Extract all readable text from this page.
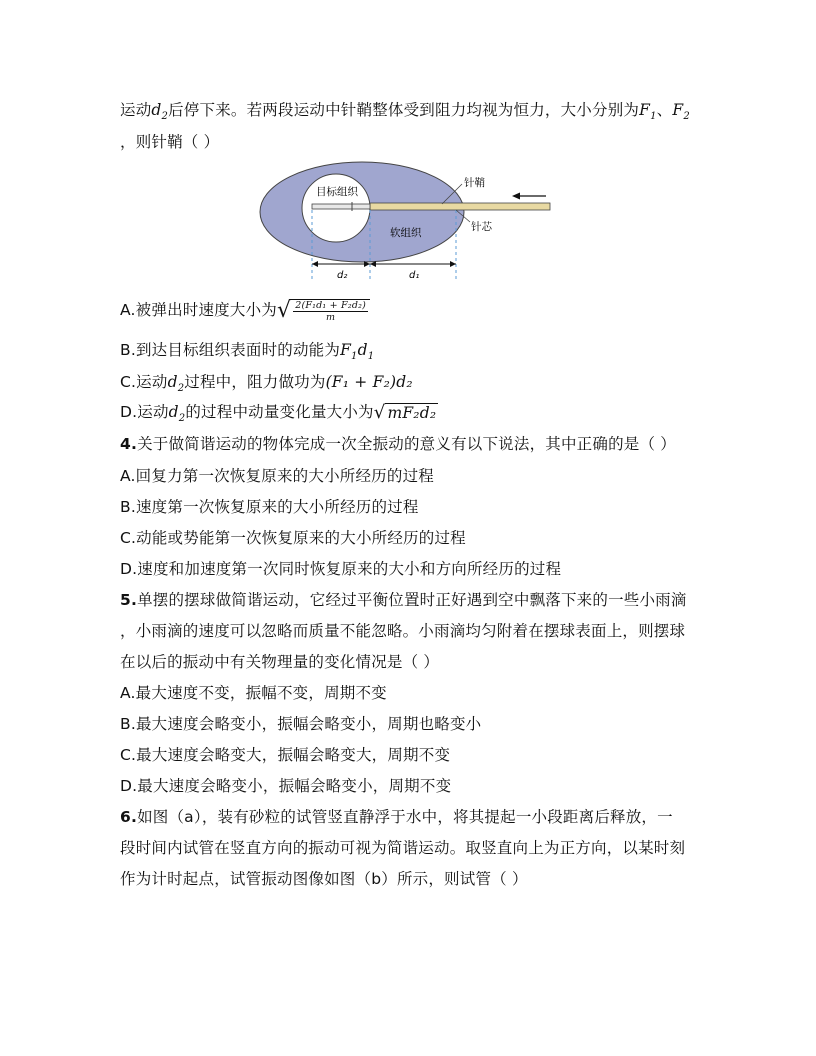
运动$d_2$后停下来。若两段运动中针鞘整体受到阻力均视为恒力，大小分别为$F_1$、$F_2$
，则针鞘（ ）
d₂	d₁
目标组织
软组织
针鞘
针芯
A.被弹出时速度大小为√ $\frac{\text{2(F₁d₁ + F₂d₂)}}{m}$
B.到达目标组织表面时的动能为$F_1d_1$
C.运动$d_2$过程中，阻力做功为(F₁ + F₂)d₂
D.运动$d_2$的过程中动量变化量大小为√ mF₂d₂
4.关于做简谐运动的物体完成一次全振动的意义有以下说法，其中正确的是（ ）
A.回复力第一次恢复原来的大小所经历的过程
B.速度第一次恢复原来的大小所经历的过程
C.动能或势能第一次恢复原来的大小所经历的过程
D.速度和加速度第一次同时恢复原来的大小和方向所经历的过程
5.单摆的摆球做简谐运动，它经过平衡位置时正好遇到空中飘落下来的一些小雨滴
，小雨滴的速度可以忽略而质量不能忽略。小雨滴均匀附着在摆球表面上，则摆球
在以后的振动中有关物理量的变化情况是（ ）
A.最大速度不变，振幅不变，周期不变
B.最大速度会略变小，振幅会略变小，周期也略变小
C.最大速度会略变大，振幅会略变大，周期不变
D.最大速度会略变小，振幅会略变小，周期不变
6.如图（a），装有砂粒的试管竖直静浮于水中，将其提起一小段距离后释放，一
段时间内试管在竖直方向的振动可视为简谐运动。取竖直向上为正方向，以某时刻
作为计时起点，试管振动图像如图（b）所示，则试管（ ）
